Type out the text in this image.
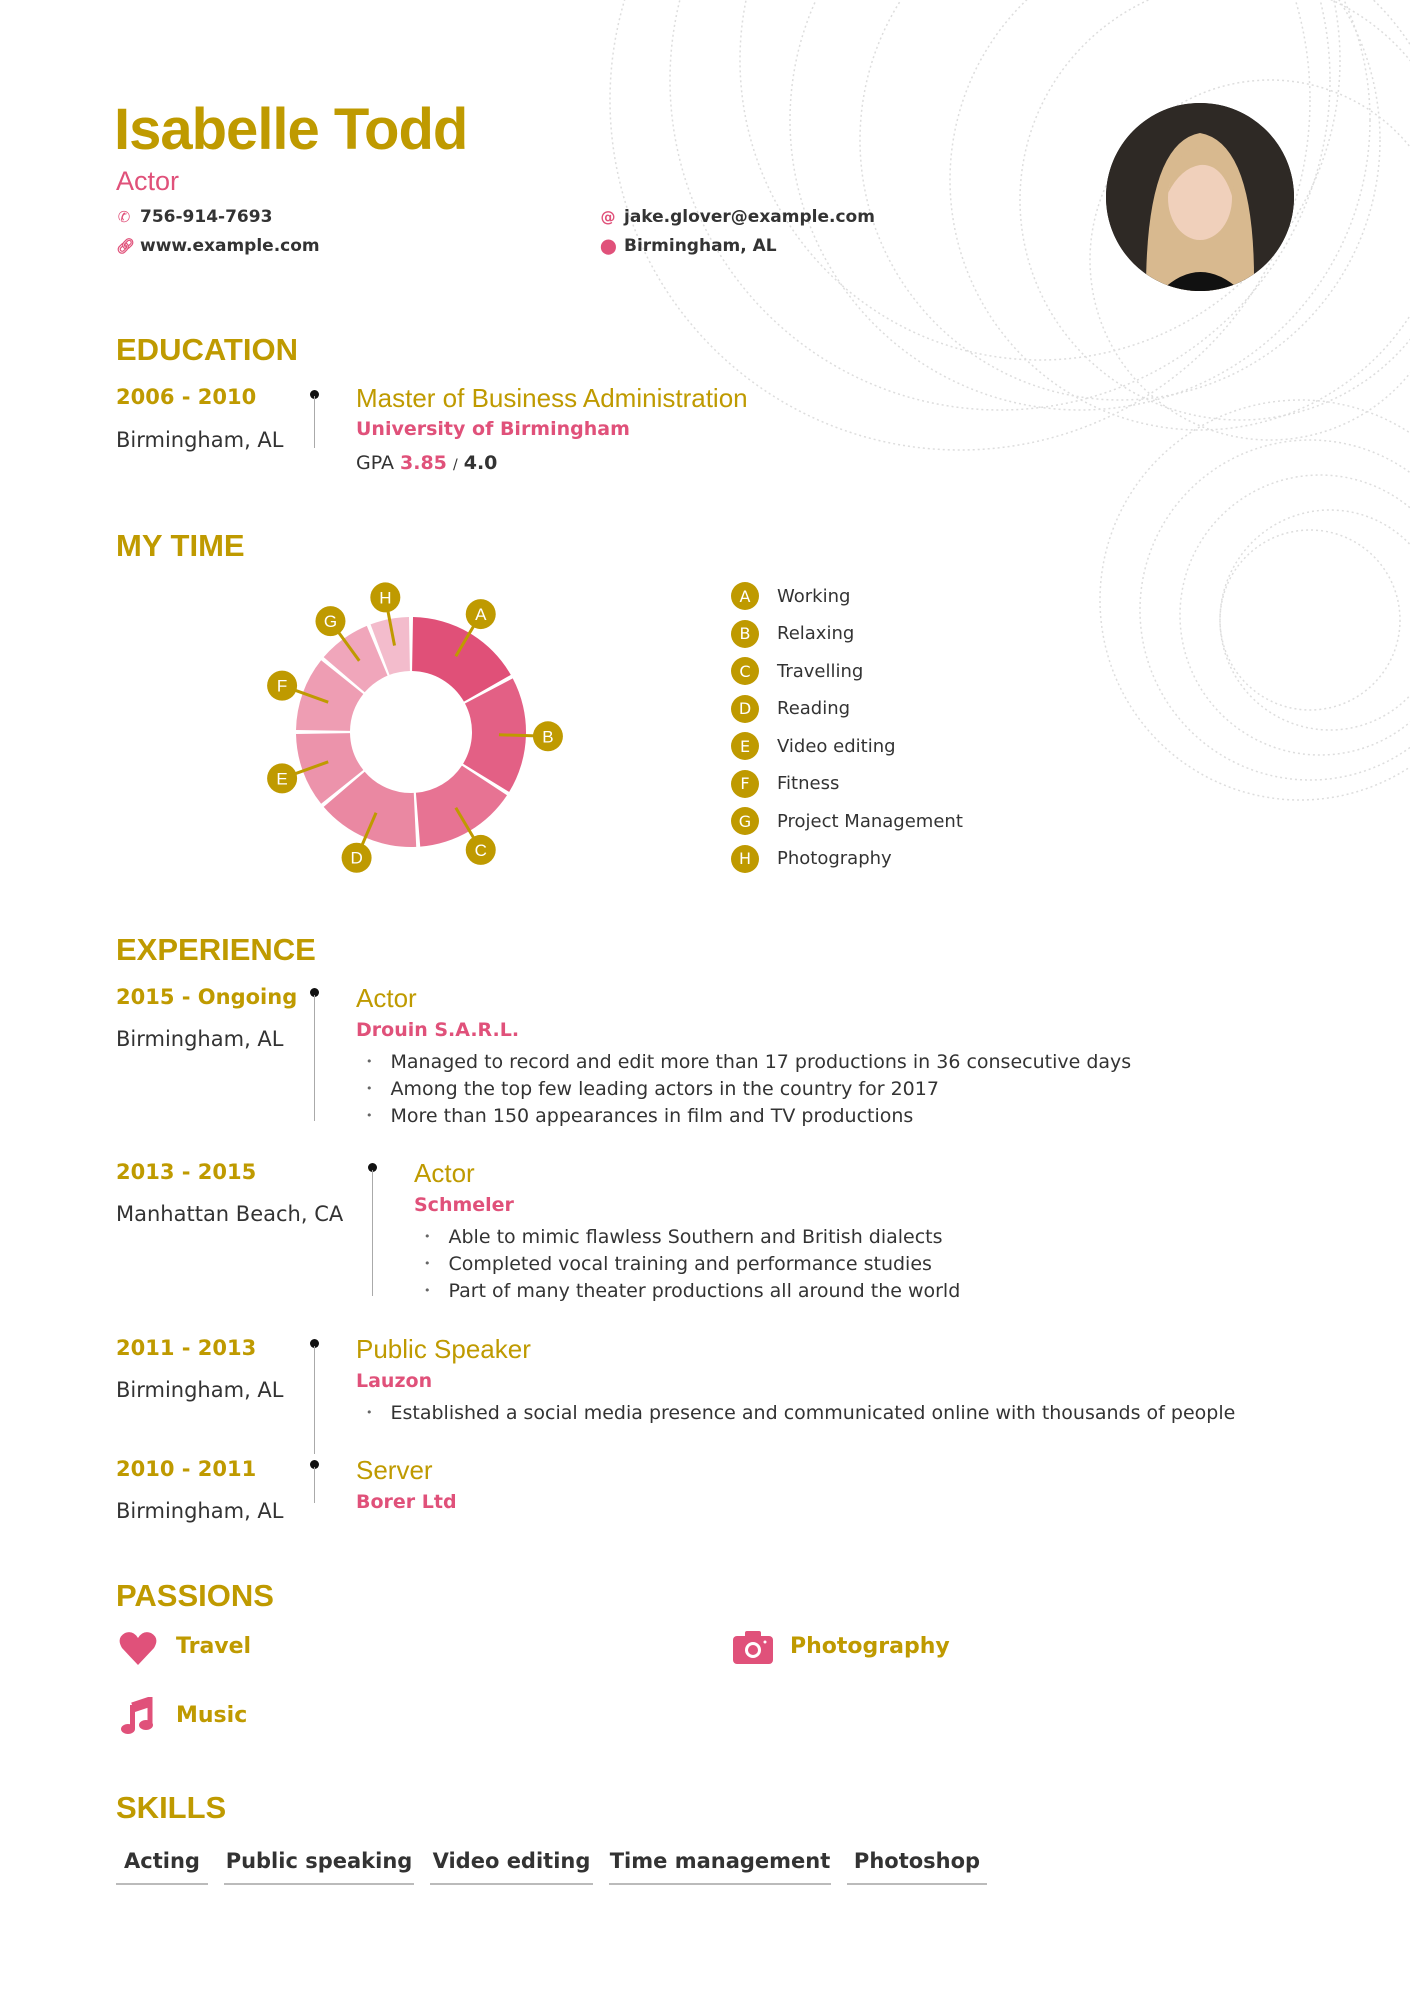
Isabelle Todd
Actor
✆ 756-914-7693
🔗︎ www.example.com
@ jake.glover@example.com
⬤ Birmingham, AL
EDUCATION
2006 - 2010
Birmingham, AL
Master of Business Administration
University of Birmingham
GPA 3.85 / 4.0
MY TIME
A
B
C
D
E
F
G
H	A	Working
B	Relaxing
C	Travelling
D	Reading
E	Video editing
F	Fitness
G	Project Management
H	Photography
EXPERIENCE
2015 - Ongoing
Birmingham, AL
Actor
Drouin S.A.R.L.
• Managed to record and edit more than 17 productions in 36 consecutive days
• Among the top few leading actors in the country for 2017
• More than 150 appearances in film and TV productions
2013 - 2015
Manhattan Beach, CA
Actor
Schmeler
• Able to mimic flawless Southern and British dialects
• Completed vocal training and performance studies
• Part of many theater productions all around the world
2011 - 2013
Birmingham, AL
Public Speaker
Lauzon
• Established a social media presence and communicated online with thousands of people
2010 - 2011
Birmingham, AL
Server
Borer Ltd
PASSIONS
Travel	Photography
Music
SKILLS
Acting	Public speaking Video editing Time management	Photoshop
